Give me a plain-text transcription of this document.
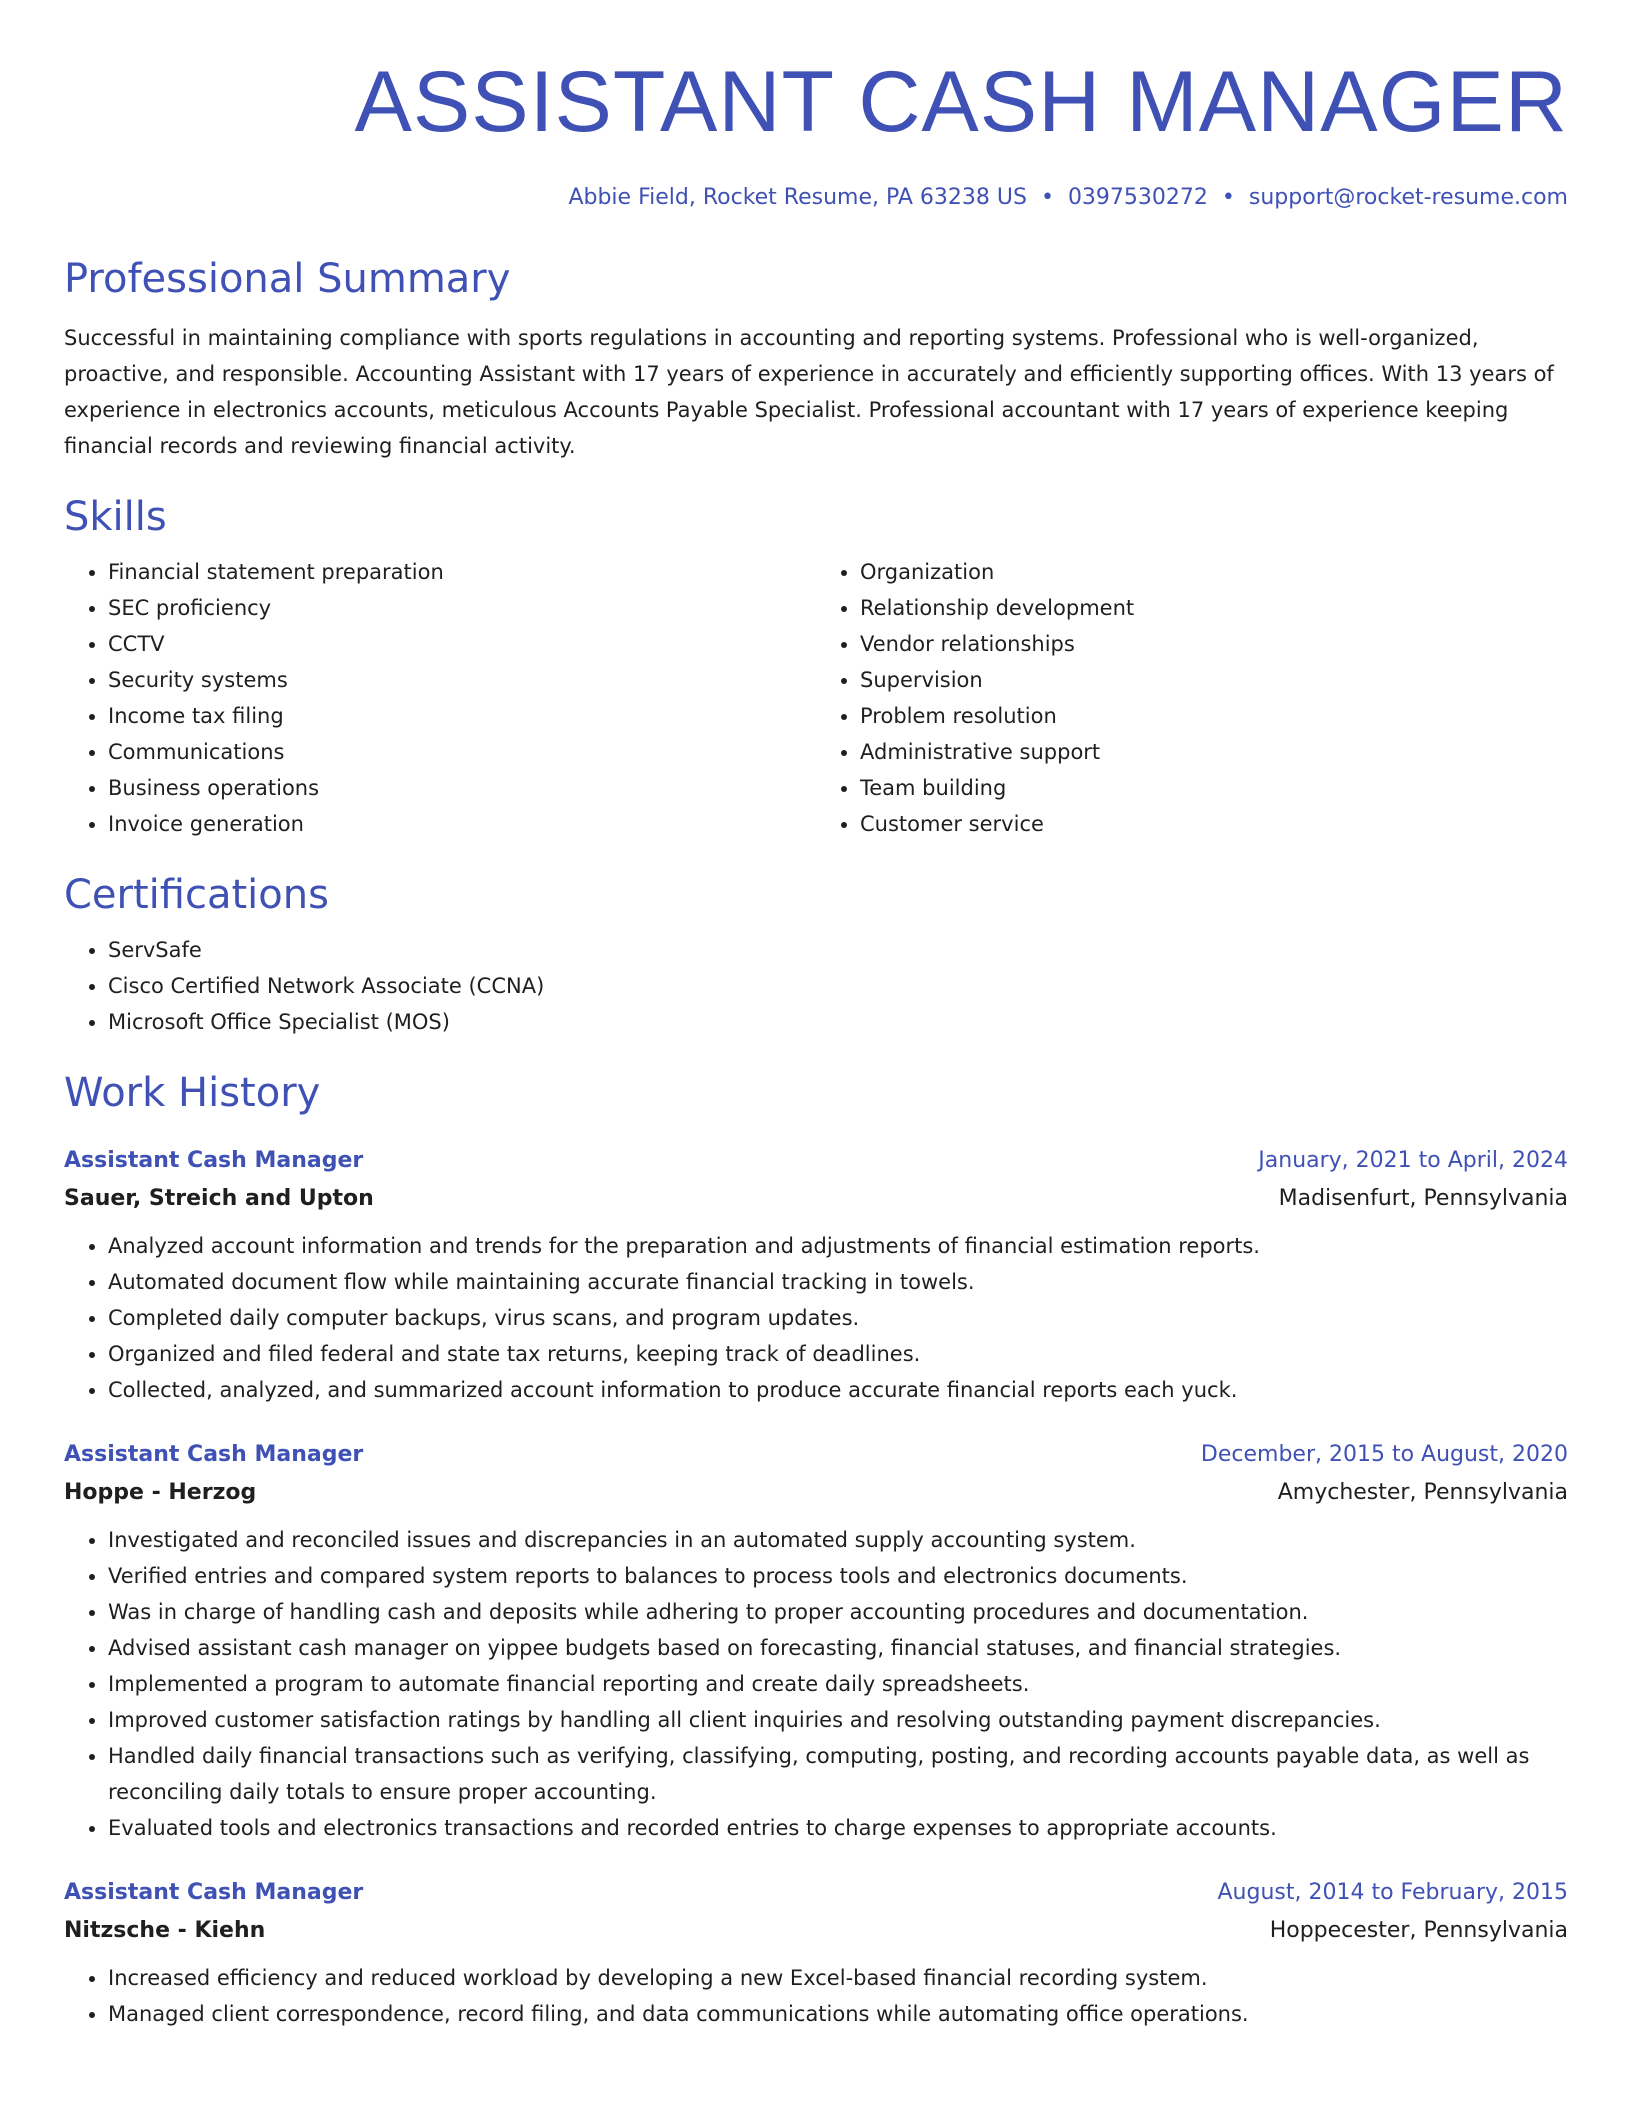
ASSISTANT CASH MANAGER
Abbie Field, Rocket Resume, PA 63238 US • 0397530272 • support@rocket-resume.com
Professional Summary

Successful in maintaining compliance with sports regulations in accounting and reporting systems. Professional who is well-organized, proactive, and responsible. Accounting Assistant with 17 years of experience in accurately and efficiently supporting offices. With 13 years of experience in electronics accounts, meticulous Accounts Payable Specialist. Professional accountant with 17 years of experience keeping financial records and reviewing financial activity.

Skills
• Financial statement preparation
• SEC proficiency
• CCTV
• Security systems
• Income tax filing
• Communications
• Business operations
• Invoice generation
• Organization
• Relationship development
• Vendor relationships
• Supervision
• Problem resolution
• Administrative support
• Team building
• Customer service
Certifications
• ServSafe
• Cisco Certified Network Associate (CCNA)
• Microsoft Office Specialist (MOS)
Work History
Assistant Cash Manager	January, 2021 to April, 2024
Sauer, Streich and Upton	Madisenfurt, Pennsylvania
• Analyzed account information and trends for the preparation and adjustments of financial estimation reports.
• Automated document flow while maintaining accurate financial tracking in towels.
• Completed daily computer backups, virus scans, and program updates.
• Organized and filed federal and state tax returns, keeping track of deadlines.
• Collected, analyzed, and summarized account information to produce accurate financial reports each yuck.
Assistant Cash Manager	December, 2015 to August, 2020
Hoppe - Herzog	Amychester, Pennsylvania
• Investigated and reconciled issues and discrepancies in an automated supply accounting system.
• Verified entries and compared system reports to balances to process tools and electronics documents.
• Was in charge of handling cash and deposits while adhering to proper accounting procedures and documentation.
• Advised assistant cash manager on yippee budgets based on forecasting, financial statuses, and financial strategies.
• Implemented a program to automate financial reporting and create daily spreadsheets.
• Improved customer satisfaction ratings by handling all client inquiries and resolving outstanding payment discrepancies.
• Handled daily financial transactions such as verifying, classifying, computing, posting, and recording accounts payable data, as well as reconciling daily totals to ensure proper accounting.
• Evaluated tools and electronics transactions and recorded entries to charge expenses to appropriate accounts.
Assistant Cash Manager	August, 2014 to February, 2015
Nitzsche - Kiehn	Hoppecester, Pennsylvania
• Increased efficiency and reduced workload by developing a new Excel-based financial recording system.
• Managed client correspondence, record filing, and data communications while automating office operations.
